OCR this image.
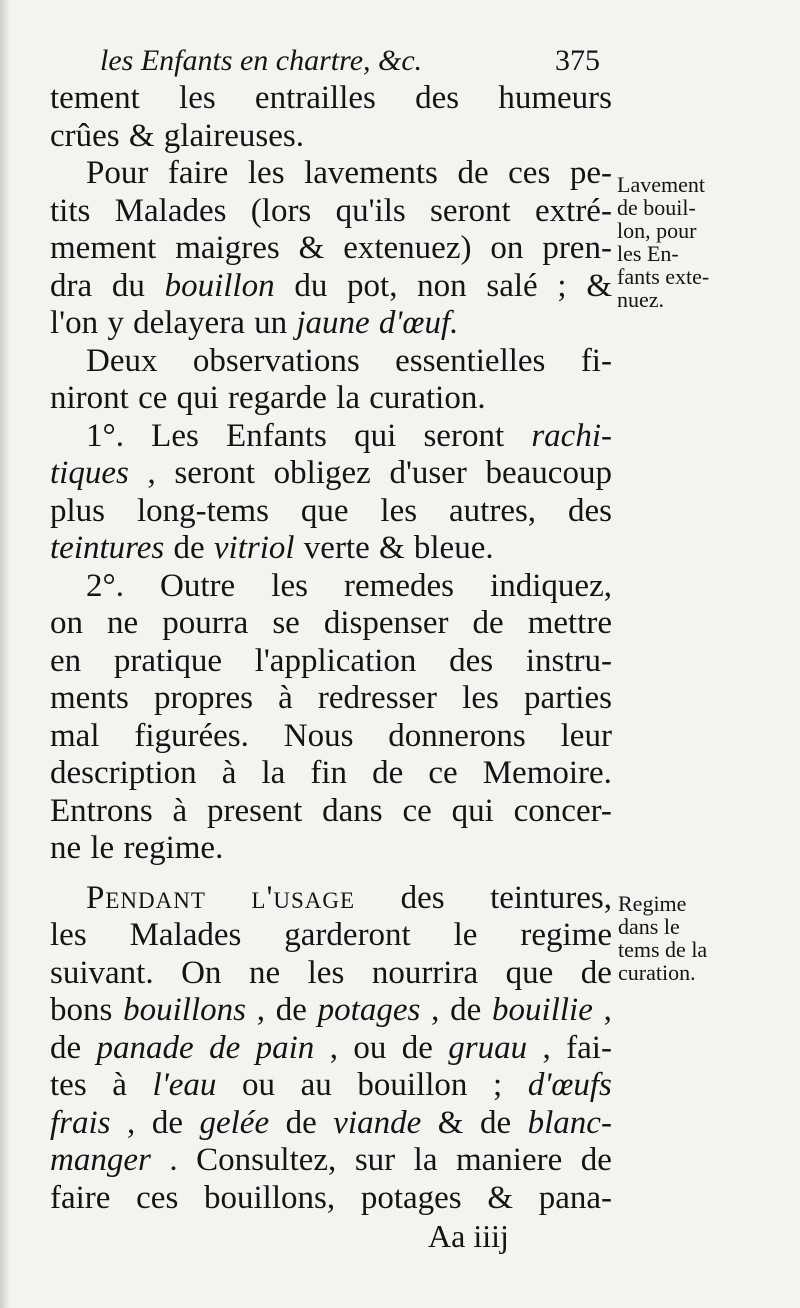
les Enfants en chartre, &c.	375
tement les entrailles des humeurs
crûes & glaireuses.
Pour faire les lavements de ces pe-
tits Malades (lors qu'ils seront extré-
mement maigres & extenuez) on pren-
dra du bouillon du pot, non salé ; &
l'on y delayera un jaune d'œuf.
Deux observations essentielles fi-
niront ce qui regarde la curation.
1°. Les Enfants qui seront rachi-
tiques , seront obligez d'user beaucoup
plus long-tems que les autres, des
teintures de vitriol verte & bleue.
2°. Outre les remedes indiquez,
on ne pourra se dispenser de mettre
en pratique l'application des instru-
ments propres à redresser les parties
mal figurées. Nous donnerons leur
description à la fin de ce Memoire.
Entrons à present dans ce qui concer-
ne le regime.
Pendant l'usage des teintures,
les Malades garderont le regime
suivant. On ne les nourrira que de
bons bouillons , de potages , de bouillie ,
de panade de pain , ou de gruau , fai-
tes à l'eau ou au bouillon ; d'œufs
frais , de gelée de viande & de blanc-
manger . Consultez, sur la maniere de
faire ces bouillons, potages & pana-
Lavement
de bouil-
lon, pour
les En-
fants exte-
nuez.
Regime
dans le
tems de la
curation.
Aa iiij
